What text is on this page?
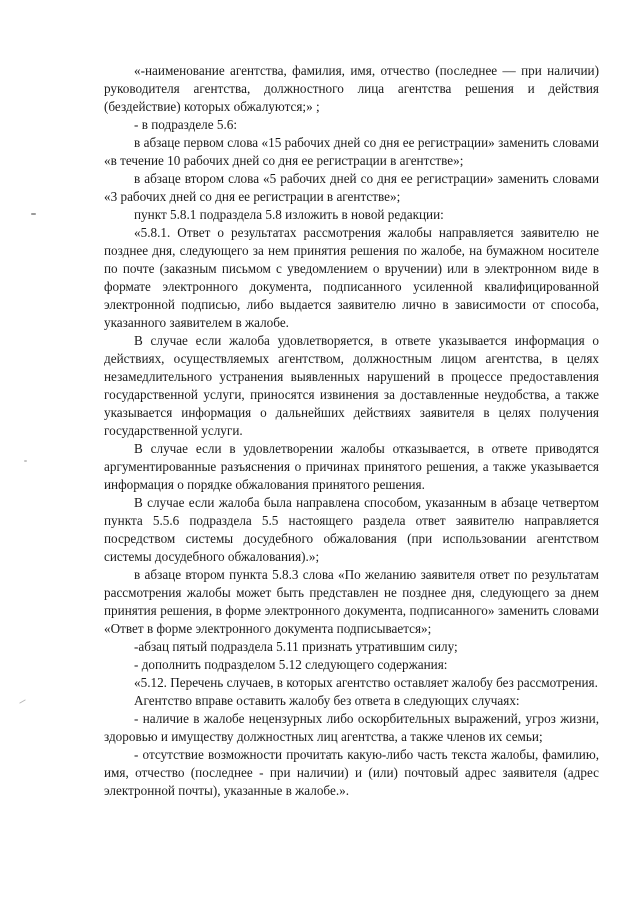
«-наименование агентства, фамилия, имя, отчество (последнее — при наличии) руководителя агентства, должностного лица агентства решения и действия (бездействие) которых обжалуются;» ;

- в подразделе 5.6:

в абзаце первом слова «15 рабочих дней со дня ее регистрации» заменить словами «в течение 10 рабочих дней со дня ее регистрации в агентстве»;

в абзаце втором слова «5 рабочих дней со дня ее регистрации» заменить словами «3 рабочих дней со дня ее регистрации в агентстве»;

пункт 5.8.1 подраздела 5.8 изложить в новой редакции:

«5.8.1. Ответ о результатах рассмотрения жалобы направляется заявителю не позднее дня, следующего за нем принятия решения по жалобе, на бумажном носителе по почте (заказным письмом с уведомлением о вручении) или в электронном виде в формате электронного документа, подписанного усиленной квалифицированной электронной подписью, либо выдается заявителю лично в зависимости от способа, указанного заявителем в жалобе.

В случае если жалоба удовлетворяется, в ответе указывается информация о действиях, осуществляемых агентством, должностным лицом агентства, в целях незамедлительного устранения выявленных нарушений в процессе предоставления государственной услуги, приносятся извинения за доставленные неудобства, а также указывается информация о дальнейших действиях заявителя в целях получения государственной услуги.

В случае если в удовлетворении жалобы отказывается, в ответе приводятся аргументированные разъяснения о причинах принятого решения, а также указывается информация о порядке обжалования принятого решения.

В случае если жалоба была направлена способом, указанным в абзаце четвертом пункта 5.5.6 подраздела 5.5 настоящего раздела ответ заявителю направляется посредством системы досудебного обжалования (при использовании агентством системы досудебного обжалования).»;

в абзаце втором пункта 5.8.3 слова «По желанию заявителя ответ по результатам рассмотрения жалобы может быть представлен не позднее дня, следующего за днем принятия решения, в форме электронного документа, подписанного» заменить словами «Ответ в форме электронного документа подписывается»;

-абзац пятый подраздела 5.11 признать утратившим силу;

- дополнить подразделом 5.12 следующего содержания:

«5.12. Перечень случаев, в которых агентство оставляет жалобу без рассмотрения.

Агентство вправе оставить жалобу без ответа в следующих случаях:

- наличие в жалобе нецензурных либо оскорбительных выражений, угроз жизни, здоровью и имуществу должностных лиц агентства, а также членов их семьи;

- отсутствие возможности прочитать какую-либо часть текста жалобы, фамилию, имя, отчество (последнее - при наличии) и (или) почтовый адрес заявителя (адрес электронной почты), указанные в жалобе.».
